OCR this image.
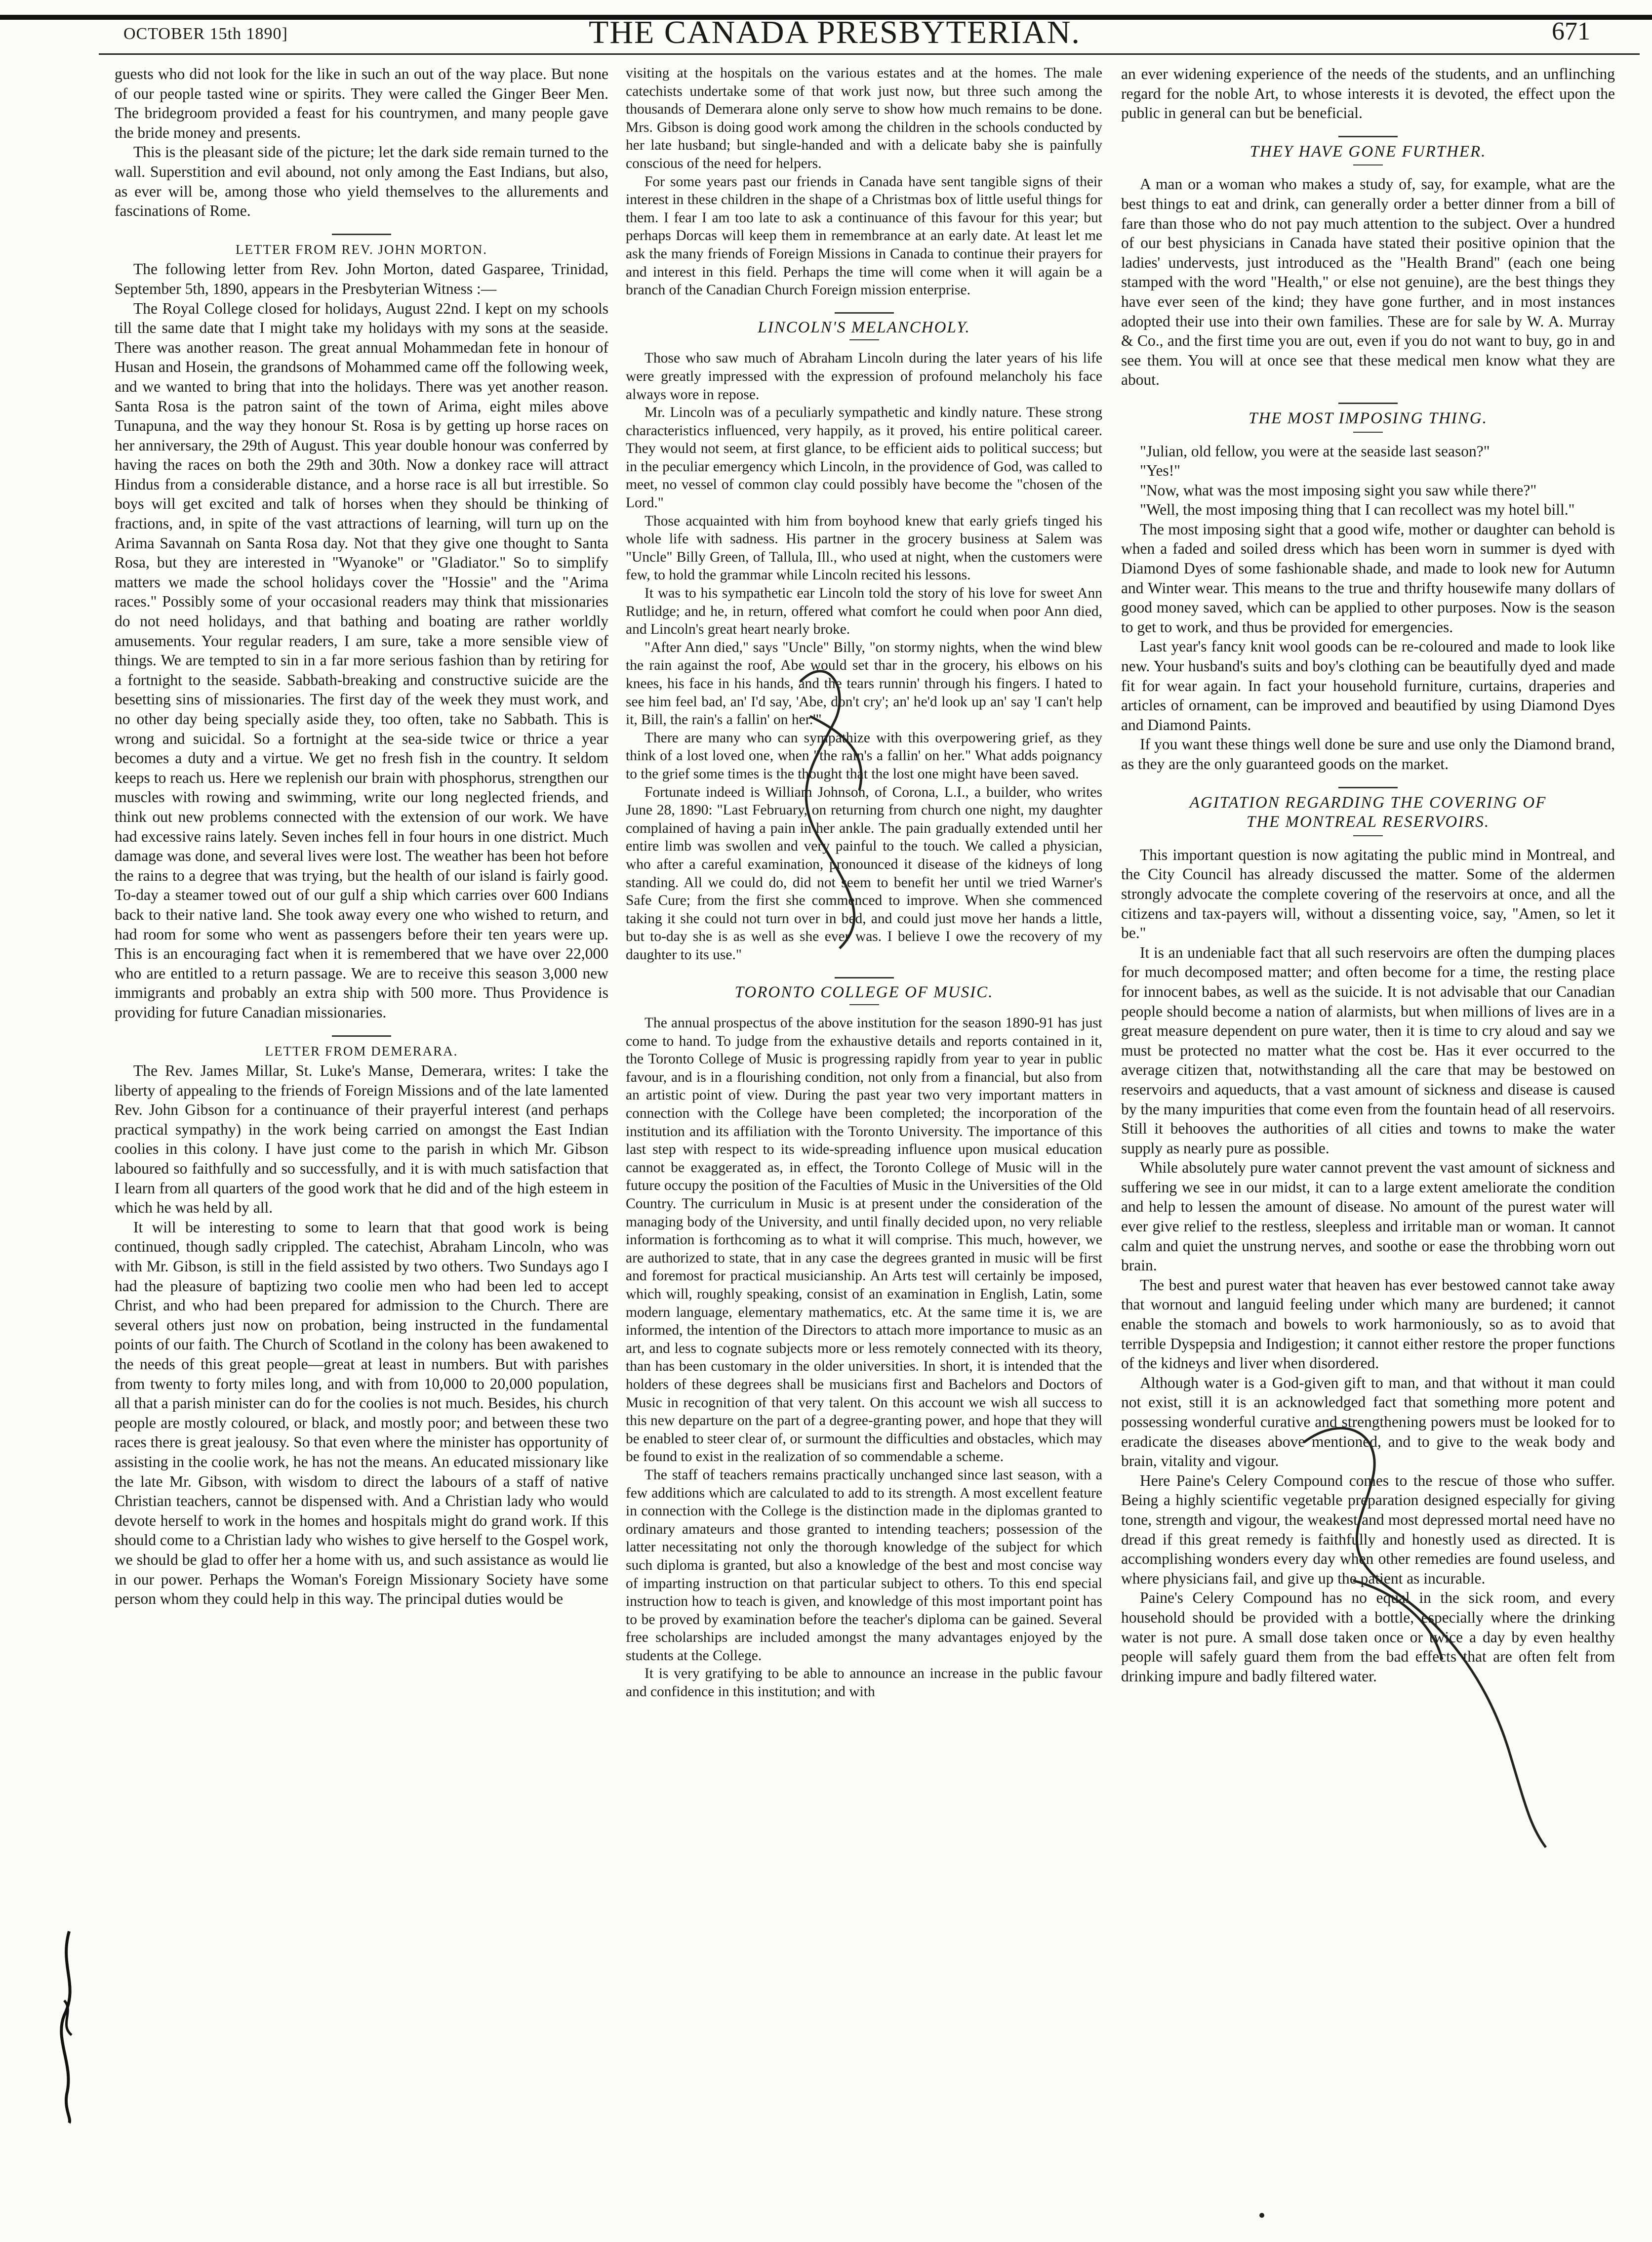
OCTOBER 15th 1890]	THE CANADA PRESBYTERIAN.	671

guests who did not look for the like in such an out of the way place. But none of our people tasted wine or spirits. They were called the Ginger Beer Men. The bridegroom provided a feast for his countrymen, and many people gave the bride money and presents.

This is the pleasant side of the picture; let the dark side remain turned to the wall. Superstition and evil abound, not only among the East Indians, but also, as ever will be, among those who yield themselves to the allurements and fascinations of Rome.

LETTER FROM REV. JOHN MORTON.

The following letter from Rev. John Morton, dated Gasparee, Trinidad, September 5th, 1890, appears in the Presbyterian Witness :—

The Royal College closed for holidays, August 22nd. I kept on my schools till the same date that I might take my holidays with my sons at the seaside. There was another reason. The great annual Mohammedan fete in honour of Husan and Hosein, the grandsons of Mohammed came off the following week, and we wanted to bring that into the holidays. There was yet another reason. Santa Rosa is the patron saint of the town of Arima, eight miles above Tunapuna, and the way they honour St. Rosa is by getting up horse races on her anniversary, the 29th of August. This year double honour was conferred by having the races on both the 29th and 30th. Now a donkey race will attract Hindus from a considerable distance, and a horse race is all but irrestible. So boys will get excited and talk of horses when they should be thinking of fractions, and, in spite of the vast attractions of learning, will turn up on the Arima Savannah on Santa Rosa day. Not that they give one thought to Santa Rosa, but they are interested in "Wyanoke" or "Gladiator." So to simplify matters we made the school holidays cover the "Hossie" and the "Arima races." Possibly some of your occasional readers may think that missionaries do not need holidays, and that bathing and boating are rather worldly amusements. Your regular readers, I am sure, take a more sensible view of things. We are tempted to sin in a far more serious fashion than by retiring for a fortnight to the seaside. Sabbath-breaking and constructive suicide are the besetting sins of missionaries. The first day of the week they must work, and no other day being specially aside they, too often, take no Sabbath. This is wrong and suicidal. So a fortnight at the sea-side twice or thrice a year becomes a duty and a virtue. We get no fresh fish in the country. It seldom keeps to reach us. Here we replenish our brain with phosphorus, strengthen our muscles with rowing and swimming, write our long neglected friends, and think out new problems connected with the extension of our work. We have had excessive rains lately. Seven inches fell in four hours in one district. Much damage was done, and several lives were lost. The weather has been hot before the rains to a degree that was trying, but the health of our island is fairly good. To-day a steamer towed out of our gulf a ship which carries over 600 Indians back to their native land. She took away every one who wished to return, and had room for some who went as passengers before their ten years were up. This is an encouraging fact when it is remembered that we have over 22,000 who are entitled to a return passage. We are to receive this season 3,000 new immigrants and probably an extra ship with 500 more. Thus Providence is providing for future Canadian missionaries.

LETTER FROM DEMERARA.

The Rev. James Millar, St. Luke's Manse, Demerara, writes: I take the liberty of appealing to the friends of Foreign Missions and of the late lamented Rev. John Gibson for a continuance of their prayerful interest (and perhaps practical sympathy) in the work being carried on amongst the East Indian coolies in this colony. I have just come to the parish in which Mr. Gibson laboured so faithfully and so successfully, and it is with much satisfaction that I learn from all quarters of the good work that he did and of the high esteem in which he was held by all.

It will be interesting to some to learn that that good work is being continued, though sadly crippled. The catechist, Abraham Lincoln, who was with Mr. Gibson, is still in the field assisted by two others. Two Sundays ago I had the pleasure of baptizing two coolie men who had been led to accept Christ, and who had been prepared for admission to the Church. There are several others just now on probation, being instructed in the fundamental points of our faith. The Church of Scotland in the colony has been awakened to the needs of this great people—great at least in numbers. But with parishes from twenty to forty miles long, and with from 10,000 to 20,000 population, all that a parish minister can do for the coolies is not much. Besides, his church people are mostly coloured, or black, and mostly poor; and between these two races there is great jealousy. So that even where the minister has opportunity of assisting in the coolie work, he has not the means. An educated missionary like the late Mr. Gibson, with wisdom to direct the labours of a staff of native Christian teachers, cannot be dispensed with. And a Christian lady who would devote herself to work in the homes and hospitals might do grand work. If this should come to a Christian lady who wishes to give herself to the Gospel work, we should be glad to offer her a home with us, and such assistance as would lie in our power. Perhaps the Woman's Foreign Missionary Society have some person whom they could help in this way. The principal duties would be

visiting at the hospitals on the various estates and at the homes. The male catechists undertake some of that work just now, but three such among the thousands of Demerara alone only serve to show how much remains to be done. Mrs. Gibson is doing good work among the children in the schools conducted by her late husband; but single-handed and with a delicate baby she is painfully conscious of the need for helpers.

For some years past our friends in Canada have sent tangible signs of their interest in these children in the shape of a Christmas box of little useful things for them. I fear I am too late to ask a continuance of this favour for this year; but perhaps Dorcas will keep them in remembrance at an early date. At least let me ask the many friends of Foreign Missions in Canada to continue their prayers for and interest in this field. Perhaps the time will come when it will again be a branch of the Canadian Church Foreign mission enterprise.

LINCOLN'S MELANCHOLY.

Those who saw much of Abraham Lincoln during the later years of his life were greatly impressed with the expression of profound melancholy his face always wore in repose.

Mr. Lincoln was of a peculiarly sympathetic and kindly nature. These strong characteristics influenced, very happily, as it proved, his entire political career. They would not seem, at first glance, to be efficient aids to political success; but in the peculiar emergency which Lincoln, in the providence of God, was called to meet, no vessel of common clay could possibly have become the "chosen of the Lord."

Those acquainted with him from boyhood knew that early griefs tinged his whole life with sadness. His partner in the grocery business at Salem was "Uncle" Billy Green, of Tallula, Ill., who used at night, when the customers were few, to hold the grammar while Lincoln recited his lessons.

It was to his sympathetic ear Lincoln told the story of his love for sweet Ann Rutlidge; and he, in return, offered what comfort he could when poor Ann died, and Lincoln's great heart nearly broke.

"After Ann died," says "Uncle" Billy, "on stormy nights, when the wind blew the rain against the roof, Abe would set thar in the grocery, his elbows on his knees, his face in his hands, and the tears runnin' through his fingers. I hated to see him feel bad, an' I'd say, 'Abe, don't cry'; an' he'd look up an' say 'I can't help it, Bill, the rain's a fallin' on her.'"

There are many who can sympathize with this overpowering grief, as they think of a lost loved one, when "the rain's a fallin' on her." What adds poignancy to the grief some times is the thought that the lost one might have been saved.

Fortunate indeed is William Johnson, of Corona, L.I., a builder, who writes June 28, 1890: "Last February, on returning from church one night, my daughter complained of having a pain in her ankle. The pain gradually extended until her entire limb was swollen and very painful to the touch. We called a physician, who after a careful examination, pronounced it disease of the kidneys of long standing. All we could do, did not seem to benefit her until we tried Warner's Safe Cure; from the first she commenced to improve. When she commenced taking it she could not turn over in bed, and could just move her hands a little, but to-day she is as well as she ever was. I believe I owe the recovery of my daughter to its use."

TORONTO COLLEGE OF MUSIC.

The annual prospectus of the above institution for the season 1890-91 has just come to hand. To judge from the exhaustive details and reports contained in it, the Toronto College of Music is progressing rapidly from year to year in public favour, and is in a flourishing condition, not only from a financial, but also from an artistic point of view. During the past year two very important matters in connection with the College have been completed; the incorporation of the institution and its affiliation with the Toronto University. The importance of this last step with respect to its wide-spreading influence upon musical education cannot be exaggerated as, in effect, the Toronto College of Music will in the future occupy the position of the Faculties of Music in the Universities of the Old Country. The curriculum in Music is at present under the consideration of the managing body of the University, and until finally decided upon, no very reliable information is forthcoming as to what it will comprise. This much, however, we are authorized to state, that in any case the degrees granted in music will be first and foremost for practical musicianship. An Arts test will certainly be imposed, which will, roughly speaking, consist of an examination in English, Latin, some modern language, elementary mathematics, etc. At the same time it is, we are informed, the intention of the Directors to attach more importance to music as an art, and less to cognate subjects more or less remotely connected with its theory, than has been customary in the older universities. In short, it is intended that the holders of these degrees shall be musicians first and Bachelors and Doctors of Music in recognition of that very talent. On this account we wish all success to this new departure on the part of a degree-granting power, and hope that they will be enabled to steer clear of, or surmount the difficulties and obstacles, which may be found to exist in the realization of so commendable a scheme.

The staff of teachers remains practically unchanged since last season, with a few additions which are calculated to add to its strength. A most excellent feature in connection with the College is the distinction made in the diplomas granted to ordinary amateurs and those granted to intending teachers; possession of the latter necessitating not only the thorough knowledge of the subject for which such diploma is granted, but also a knowledge of the best and most concise way of imparting instruction on that particular subject to others. To this end special instruction how to teach is given, and knowledge of this most important point has to be proved by examination before the teacher's diploma can be gained. Several free scholarships are included amongst the many advantages enjoyed by the students at the College.

It is very gratifying to be able to announce an increase in the public favour and confidence in this institution; and with

an ever widening experience of the needs of the students, and an unflinching regard for the noble Art, to whose interests it is devoted, the effect upon the public in general can but be beneficial.

THEY HAVE GONE FURTHER.

A man or a woman who makes a study of, say, for example, what are the best things to eat and drink, can generally order a better dinner from a bill of fare than those who do not pay much attention to the subject. Over a hundred of our best physicians in Canada have stated their positive opinion that the ladies' undervests, just introduced as the "Health Brand" (each one being stamped with the word "Health," or else not genuine), are the best things they have ever seen of the kind; they have gone further, and in most instances adopted their use into their own families. These are for sale by W. A. Murray & Co., and the first time you are out, even if you do not want to buy, go in and see them. You will at once see that these medical men know what they are about.

THE MOST IMPOSING THING.

"Julian, old fellow, you were at the seaside last season?"

"Yes!"

"Now, what was the most imposing sight you saw while there?"

"Well, the most imposing thing that I can recollect was my hotel bill."

The most imposing sight that a good wife, mother or daughter can behold is when a faded and soiled dress which has been worn in summer is dyed with Diamond Dyes of some fashionable shade, and made to look new for Autumn and Winter wear. This means to the true and thrifty housewife many dollars of good money saved, which can be applied to other purposes. Now is the season to get to work, and thus be provided for emergencies.

Last year's fancy knit wool goods can be re-coloured and made to look like new. Your husband's suits and boy's clothing can be beautifully dyed and made fit for wear again. In fact your household furniture, curtains, draperies and articles of ornament, can be improved and beautified by using Diamond Dyes and Diamond Paints.

If you want these things well done be sure and use only the Diamond brand, as they are the only guaranteed goods on the market.

AGITATION REGARDING THE COVERING OF

THE MONTREAL RESERVOIRS.

This important question is now agitating the public mind in Montreal, and the City Council has already discussed the matter. Some of the aldermen strongly advocate the complete covering of the reservoirs at once, and all the citizens and tax-payers will, without a dissenting voice, say, "Amen, so let it be."

It is an undeniable fact that all such reservoirs are often the dumping places for much decomposed matter; and often become for a time, the resting place for innocent babes, as well as the suicide. It is not advisable that our Canadian people should become a nation of alarmists, but when millions of lives are in a great measure dependent on pure water, then it is time to cry aloud and say we must be protected no matter what the cost be. Has it ever occurred to the average citizen that, notwithstanding all the care that may be bestowed on reservoirs and aqueducts, that a vast amount of sickness and disease is caused by the many impurities that come even from the fountain head of all reservoirs. Still it behooves the authorities of all cities and towns to make the water supply as nearly pure as possible.

While absolutely pure water cannot prevent the vast amount of sickness and suffering we see in our midst, it can to a large extent ameliorate the condition and help to lessen the amount of disease. No amount of the purest water will ever give relief to the restless, sleepless and irritable man or woman. It cannot calm and quiet the unstrung nerves, and soothe or ease the throbbing worn out brain.

The best and purest water that heaven has ever bestowed cannot take away that wornout and languid feeling under which many are burdened; it cannot enable the stomach and bowels to work harmoniously, so as to avoid that terrible Dyspepsia and Indigestion; it cannot either restore the proper functions of the kidneys and liver when disordered.

Although water is a God-given gift to man, and that without it man could not exist, still it is an acknowledged fact that something more potent and possessing wonderful curative and strengthening powers must be looked for to eradicate the diseases above mentioned, and to give to the weak body and brain, vitality and vigour.

Here Paine's Celery Compound comes to the rescue of those who suffer. Being a highly scientific vegetable preparation designed especially for giving tone, strength and vigour, the weakest and most depressed mortal need have no dread if this great remedy is faithfully and honestly used as directed. It is accomplishing wonders every day when other remedies are found useless, and where physicians fail, and give up the patient as incurable.

Paine's Celery Compound has no equal in the sick room, and every household should be provided with a bottle, especially where the drinking water is not pure. A small dose taken once or twice a day by even healthy people will safely guard them from the bad effects that are often felt from drinking impure and badly filtered water.
